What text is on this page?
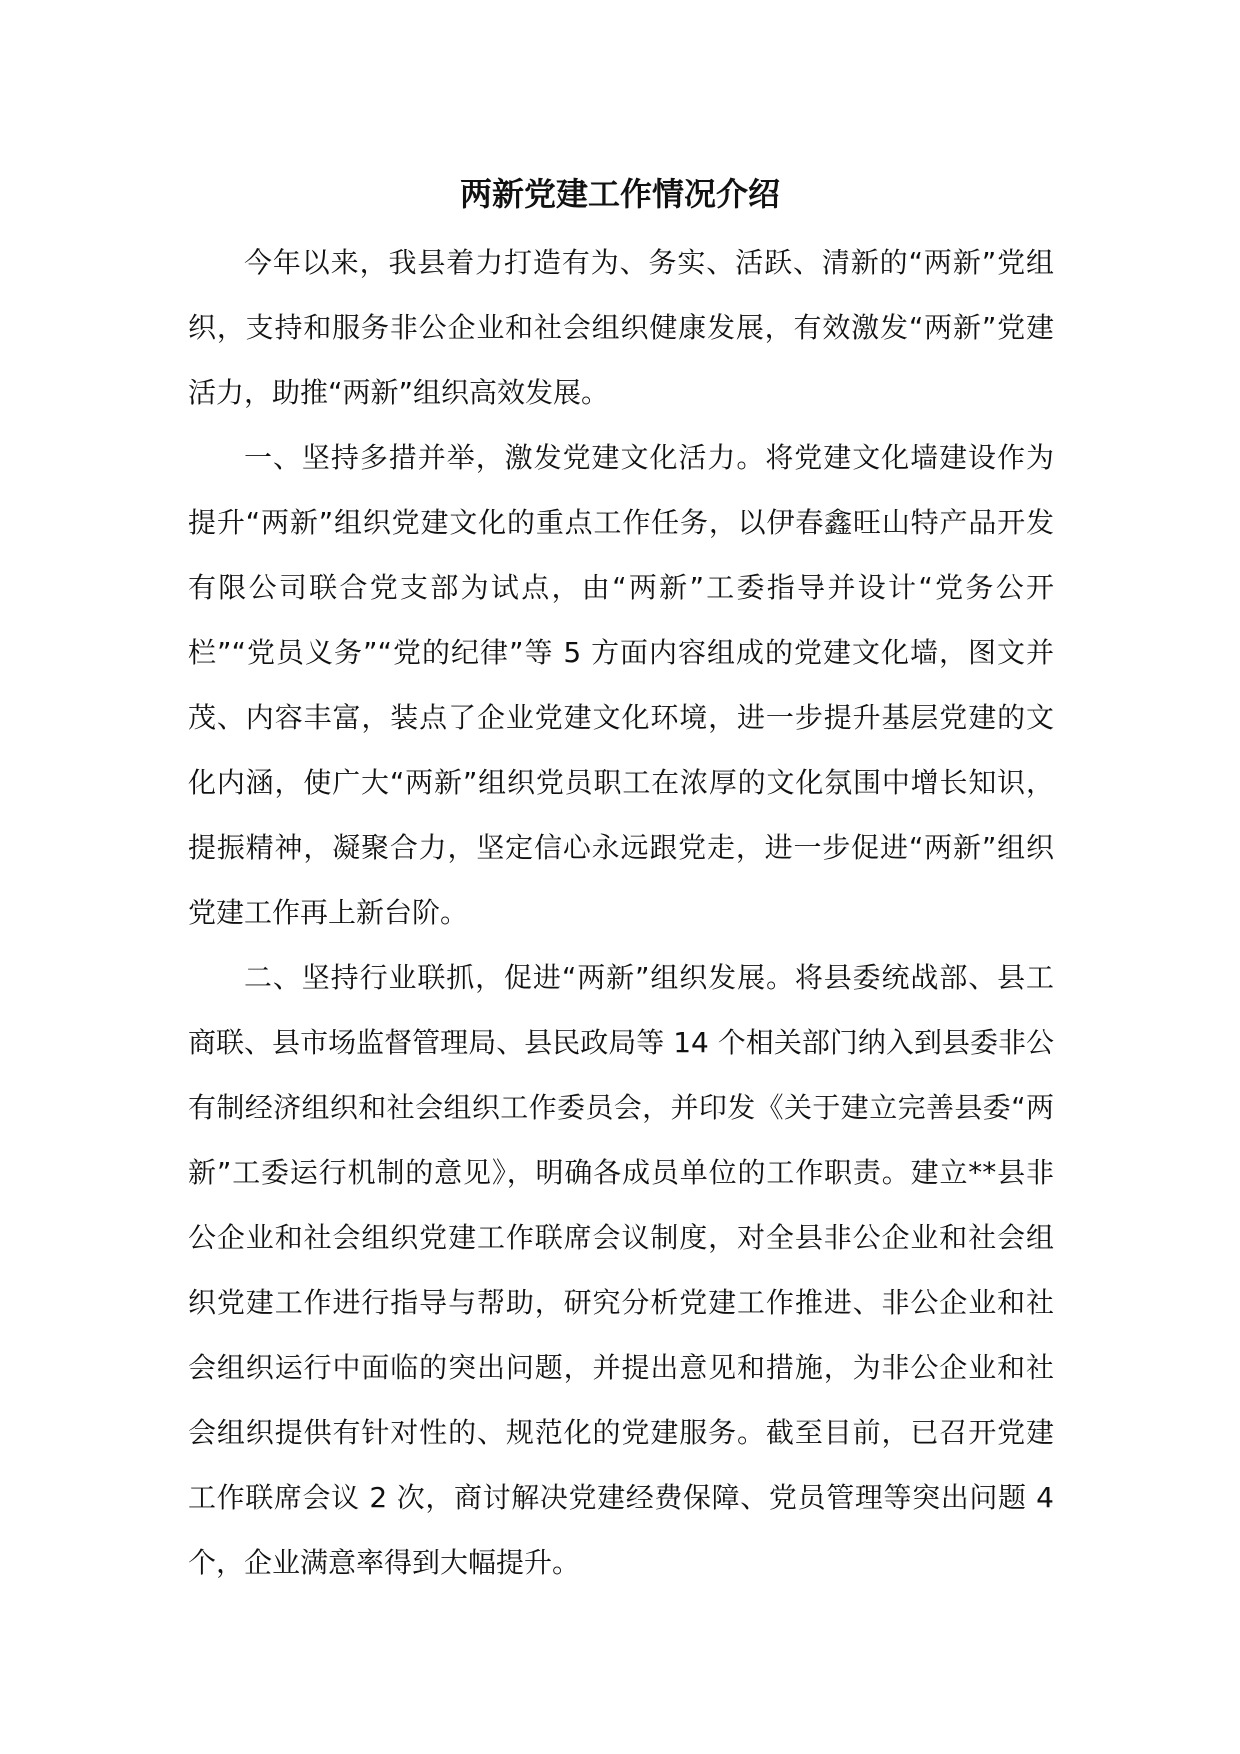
两新党建工作情况介绍

今年以来，我县着力打造有为、务实、活跃、清新的“两新”党组织，支持和服务非公企业和社会组织健康发展，有效激发“两新”党建活力，助推“两新”组织高效发展。

一、坚持多措并举，激发党建文化活力。将党建文化墙建设作为提升“两新”组织党建文化的重点工作任务，以伊春鑫旺山特产品开发有限公司联合党支部为试点，由“两新”工委指导并设计“党务公开栏”“党员义务”“党的纪律”等 5 方面内容组成的党建文化墙，图文并茂、内容丰富，装点了企业党建文化环境，进一步提升基层党建的文化内涵，使广大“两新”组织党员职工在浓厚的文化氛围中增长知识，提振精神，凝聚合力，坚定信心永远跟党走，进一步促进“两新”组织党建工作再上新台阶。

二、坚持行业联抓，促进“两新”组织发展。将县委统战部、县工商联、县市场监督管理局、县民政局等 14 个相关部门纳入到县委非公有制经济组织和社会组织工作委员会，并印发《关于建立完善县委“两新”工委运行机制的意见》，明确各成员单位的工作职责。建立**县非公企业和社会组织党建工作联席会议制度，对全县非公企业和社会组织党建工作进行指导与帮助，研究分析党建工作推进、非公企业和社会组织运行中面临的突出问题，并提出意见和措施，为非公企业和社会组织提供有针对性的、规范化的党建服务。截至目前，已召开党建工作联席会议 2 次，商讨解决党建经费保障、党员管理等突出问题 4 个，企业满意率得到大幅提升。
